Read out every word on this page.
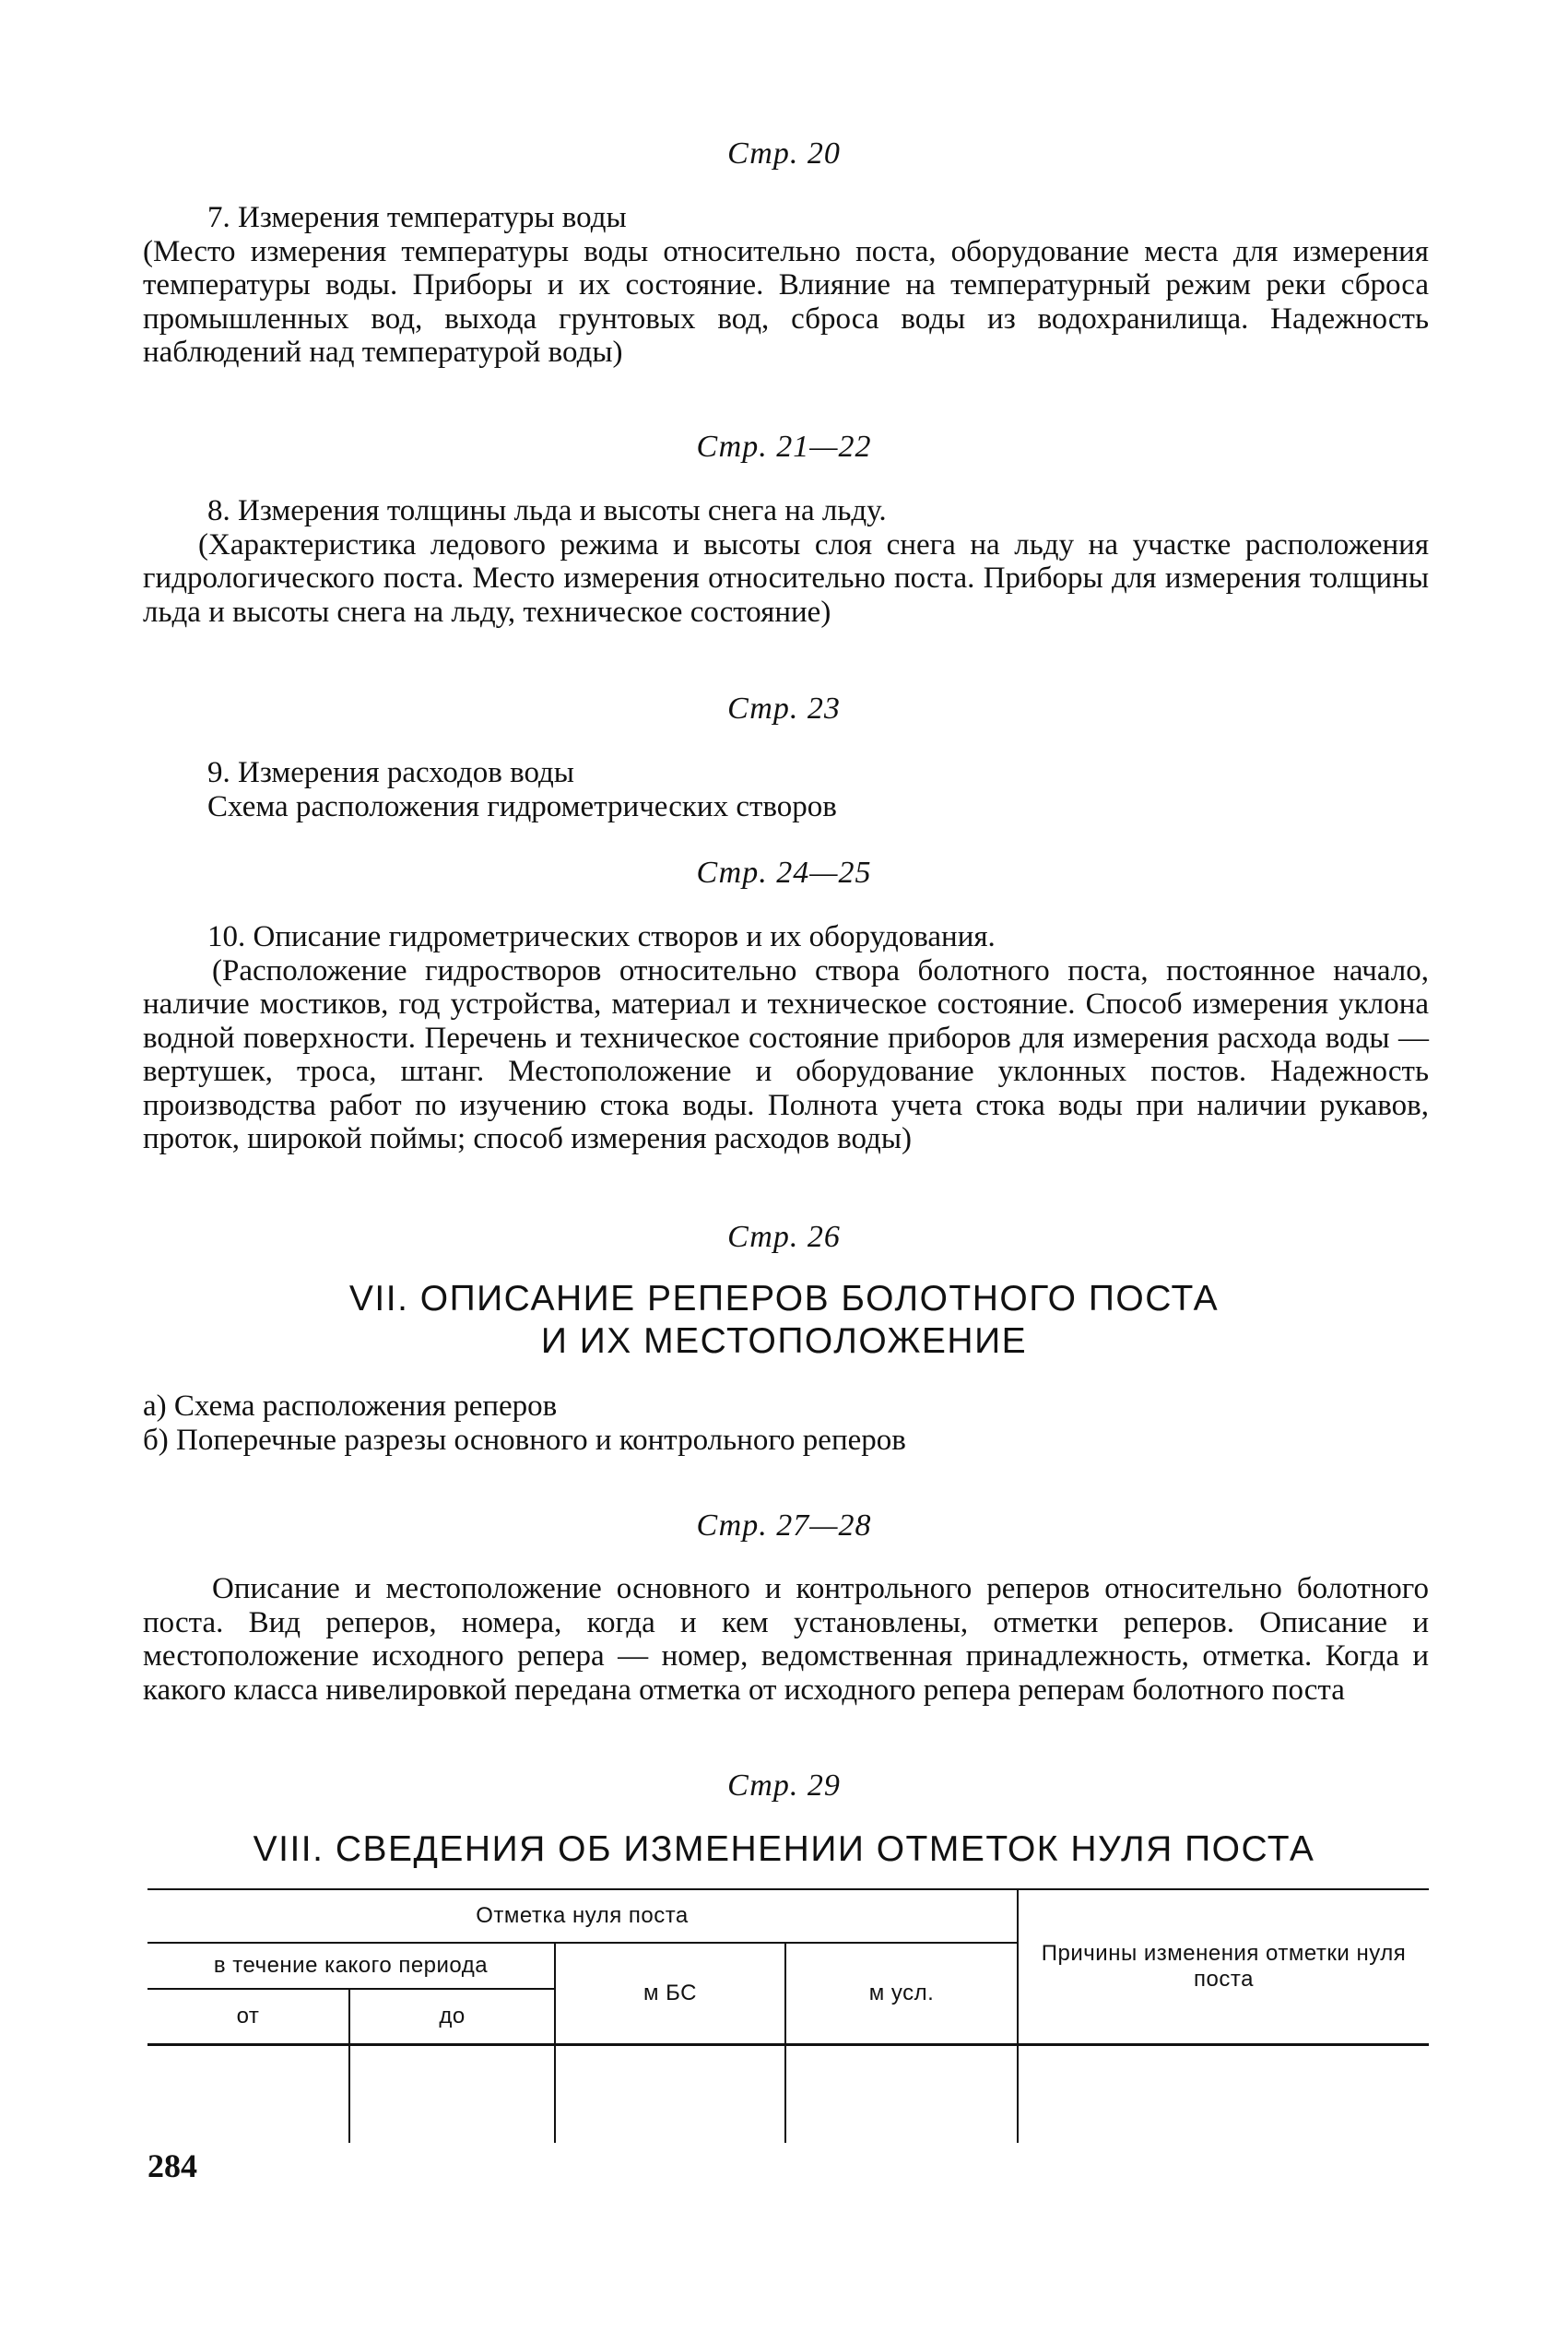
Стр. 20

7. Измерения температуры воды

(Место измерения температуры воды относительно поста, оборудование места для измерения температуры воды. Приборы и их состояние. Влияние на температурный режим реки сброса промышленных вод, выхода грунтовых вод, сброса воды из водохранилища. Надежность наблюдений над температурой воды)

Стр. 21—22

8. Измерения толщины льда и высоты снега на льду.

(Характеристика ледового режима и высоты слоя снега на льду на участке расположения гидрологического поста. Место измерения относительно поста. Приборы для измерения толщины льда и высоты снега на льду, техническое состояние)

Стр. 23

9. Измерения расходов воды

Схема расположения гидрометрических створов

Стр. 24—25

10. Описание гидрометрических створов и их оборудования.

(Расположение гидростворов относительно створа болотного поста, постоянное начало, наличие мостиков, год устройства, материал и техническое состояние. Способ измерения уклона водной поверхности. Перечень и техническое состояние приборов для измерения расхода воды — вертушек, троса, штанг. Местоположение и оборудование уклонных постов. Надежность производства работ по изучению стока воды. Полнота учета стока воды при наличии рукавов, проток, широкой поймы; способ измерения расходов воды)

Стр. 26
VII. ОПИСАНИЕ РЕПЕРОВ БОЛОТНОГО ПОСТА
И ИХ МЕСТОПОЛОЖЕНИЕ
а) Схема расположения реперов
б) Поперечные разрезы основного и контрольного реперов
Стр. 27—28

Описание и местоположение основного и контрольного реперов относительно болотного поста. Вид реперов, номера, когда и кем установлены, отметки реперов. Описание и местоположение исходного репера — номер, ведомственная принадлежность, отметка. Когда и какого класса нивелировкой передана отметка от исходного репера реперам болотного поста

Стр. 29
VIII. СВЕДЕНИЯ ОБ ИЗМЕНЕНИИ ОТМЕТОК НУЛЯ ПОСТА
Отметка нуля поста				Причины изменения отметки нуля поста
в течение какого периода		м БС	м усл.	
от	до			

284
